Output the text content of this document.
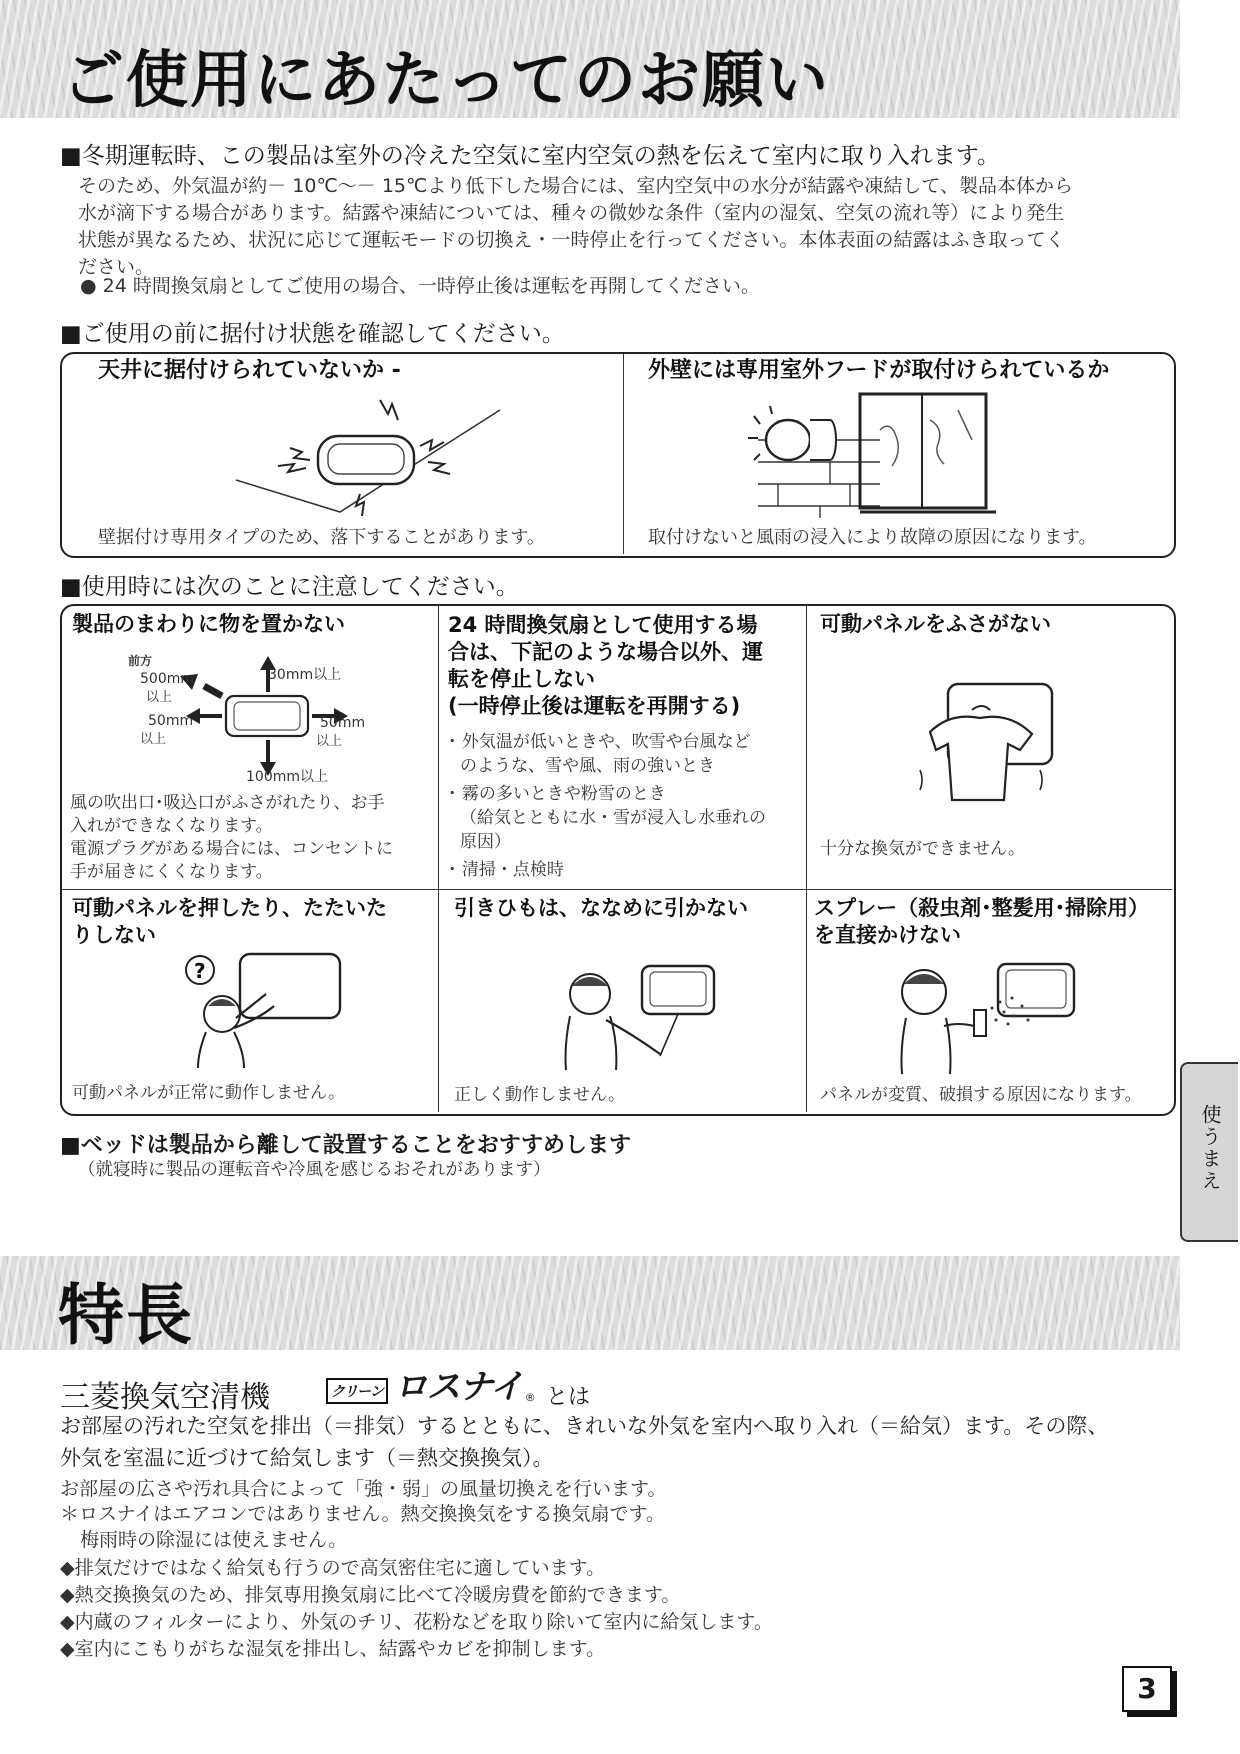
ご使用にあたってのお願い

■冬期運転時、この製品は室外の冷えた空気に室内空気の熱を伝えて室内に取り入れます。

そのため、外気温が約－ 10℃～－ 15℃より低下した場合には、室内空気中の水分が結露や凍結して、製品本体から

水が滴下する場合があります。結露や凍結については、種々の微妙な条件（室内の湿気、空気の流れ等）により発生

状態が異なるため、状況に応じて運転モードの切換え・一時停止を行ってください。本体表面の結露はふき取ってく

ださい。

● 24 時間換気扇としてご使用の場合、一時停止後は運転を再開してください。

■ご使用の前に据付け状態を確認してください。

天井に据付けられていないか -

壁据付け専用タイプのため、落下することがあります。

外壁には専用室外フードが取付けられているか

取付けないと風雨の浸入により故障の原因になります。

■使用時には次のことに注意してください。

製品のまわりに物を置かない

前方
500mm
以上
30mm以上
50mm
以上
50mm
以上
100mm以上

風の吹出口･吸込口がふさがれたり、お手

入れができなくなります。

電源プラグがある場合には、コンセントに

手が届きにくくなります。

24 時間換気扇として使用する場

合は、下記のような場合以外、運

転を停止しない

(一時停止後は運転を再開する)

･ 外気温が低いときや、吹雪や台風など

のような、雪や風、雨の強いとき

･ 霧の多いときや粉雪のとき

（給気とともに水・雪が浸入し水垂れの

原因）

･ 清掃・点検時

可動パネルをふさがない

十分な換気ができません。

可動パネルを押したり、たたいた

りしない

?

可動パネルが正常に動作しません。

引きひもは、ななめに引かない

正しく動作しません。

スプレー（殺虫剤･整髪用･掃除用）

を直接かけない

パネルが変質、破損する原因になります。

■ベッドは製品から離して設置することをおすすめします

（就寝時に製品の運転音や冷風を感じるおそれがあります）

特長

三菱換気空清機	クリーン ロスナイ ® とは

お部屋の汚れた空気を排出（＝排気）するとともに、きれいな外気を室内へ取り入れ（＝給気）ます。その際、

外気を室温に近づけて給気します（＝熱交換換気）。

お部屋の広さや汚れ具合によって「強・弱」の風量切換えを行います。

＊ロスナイはエアコンではありません。熱交換換気をする換気扇です。

梅雨時の除湿には使えません。

◆排気だけではなく給気も行うので高気密住宅に適しています。

◆熱交換換気のため、排気専用換気扇に比べて冷暖房費を節約できます。

◆内蔵のフィルターにより、外気のチリ、花粉などを取り除いて室内に給気します。

◆室内にこもりがちな湿気を排出し、結露やカビを抑制します。

使うまえ
3
